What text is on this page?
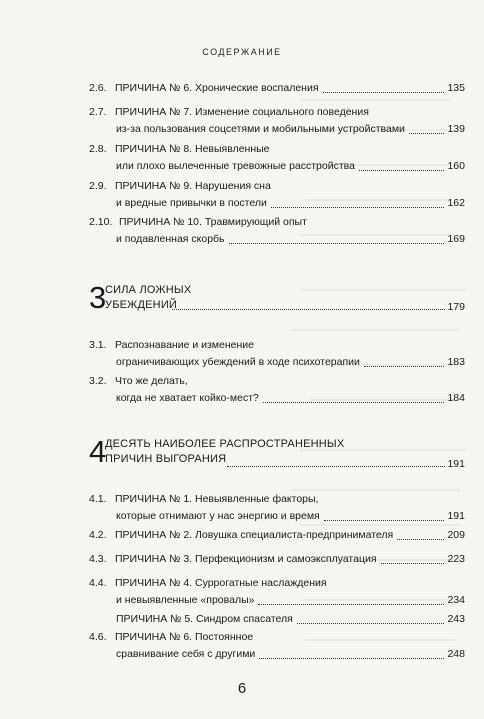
СОДЕРЖАНИЕ
2.6. ПРИЧИНА № 6. Хронические воспаления	135
2.7. ПРИЧИНА № 7. Изменение социального поведения
из-за пользования соцсетями и мобильными устройствами	139
2.8. ПРИЧИНА № 8. Невыявленные
или плохо вылеченные тревожные расстройства	160
2.9. ПРИЧИНА № 9. Нарушения сна
и вредные привычки в постели	162
2.10. ПРИЧИНА № 10. Травмирующий опыт
и подавленная скорбь	169
3
СИЛА ЛОЖНЫХ
УБЕЖДЕНИЙ	179
3.1. Распознавание и изменение
ограничивающих убеждений в ходе психотерапии	183
3.2. Что же делать,
когда не хватает койко-мест?	184
4
ДЕСЯТЬ НАИБОЛЕЕ РАСПРОСТРАНЕННЫХ
ПРИЧИН ВЫГОРАНИЯ	191
4.1. ПРИЧИНА № 1. Невыявленные факторы,
которые отнимают у нас энергию и время	191
4.2. ПРИЧИНА № 2. Ловушка специалиста-предпринимателя	209
4.3. ПРИЧИНА № 3. Перфекционизм и самоэксплуатация	223
4.4. ПРИЧИНА № 4. Суррогатные наслаждения
и невыявленные «провалы»	234
ПРИЧИНА № 5. Синдром спасателя	243
4.6. ПРИЧИНА № 6. Постоянное
сравнивание себя с другими	248
6
